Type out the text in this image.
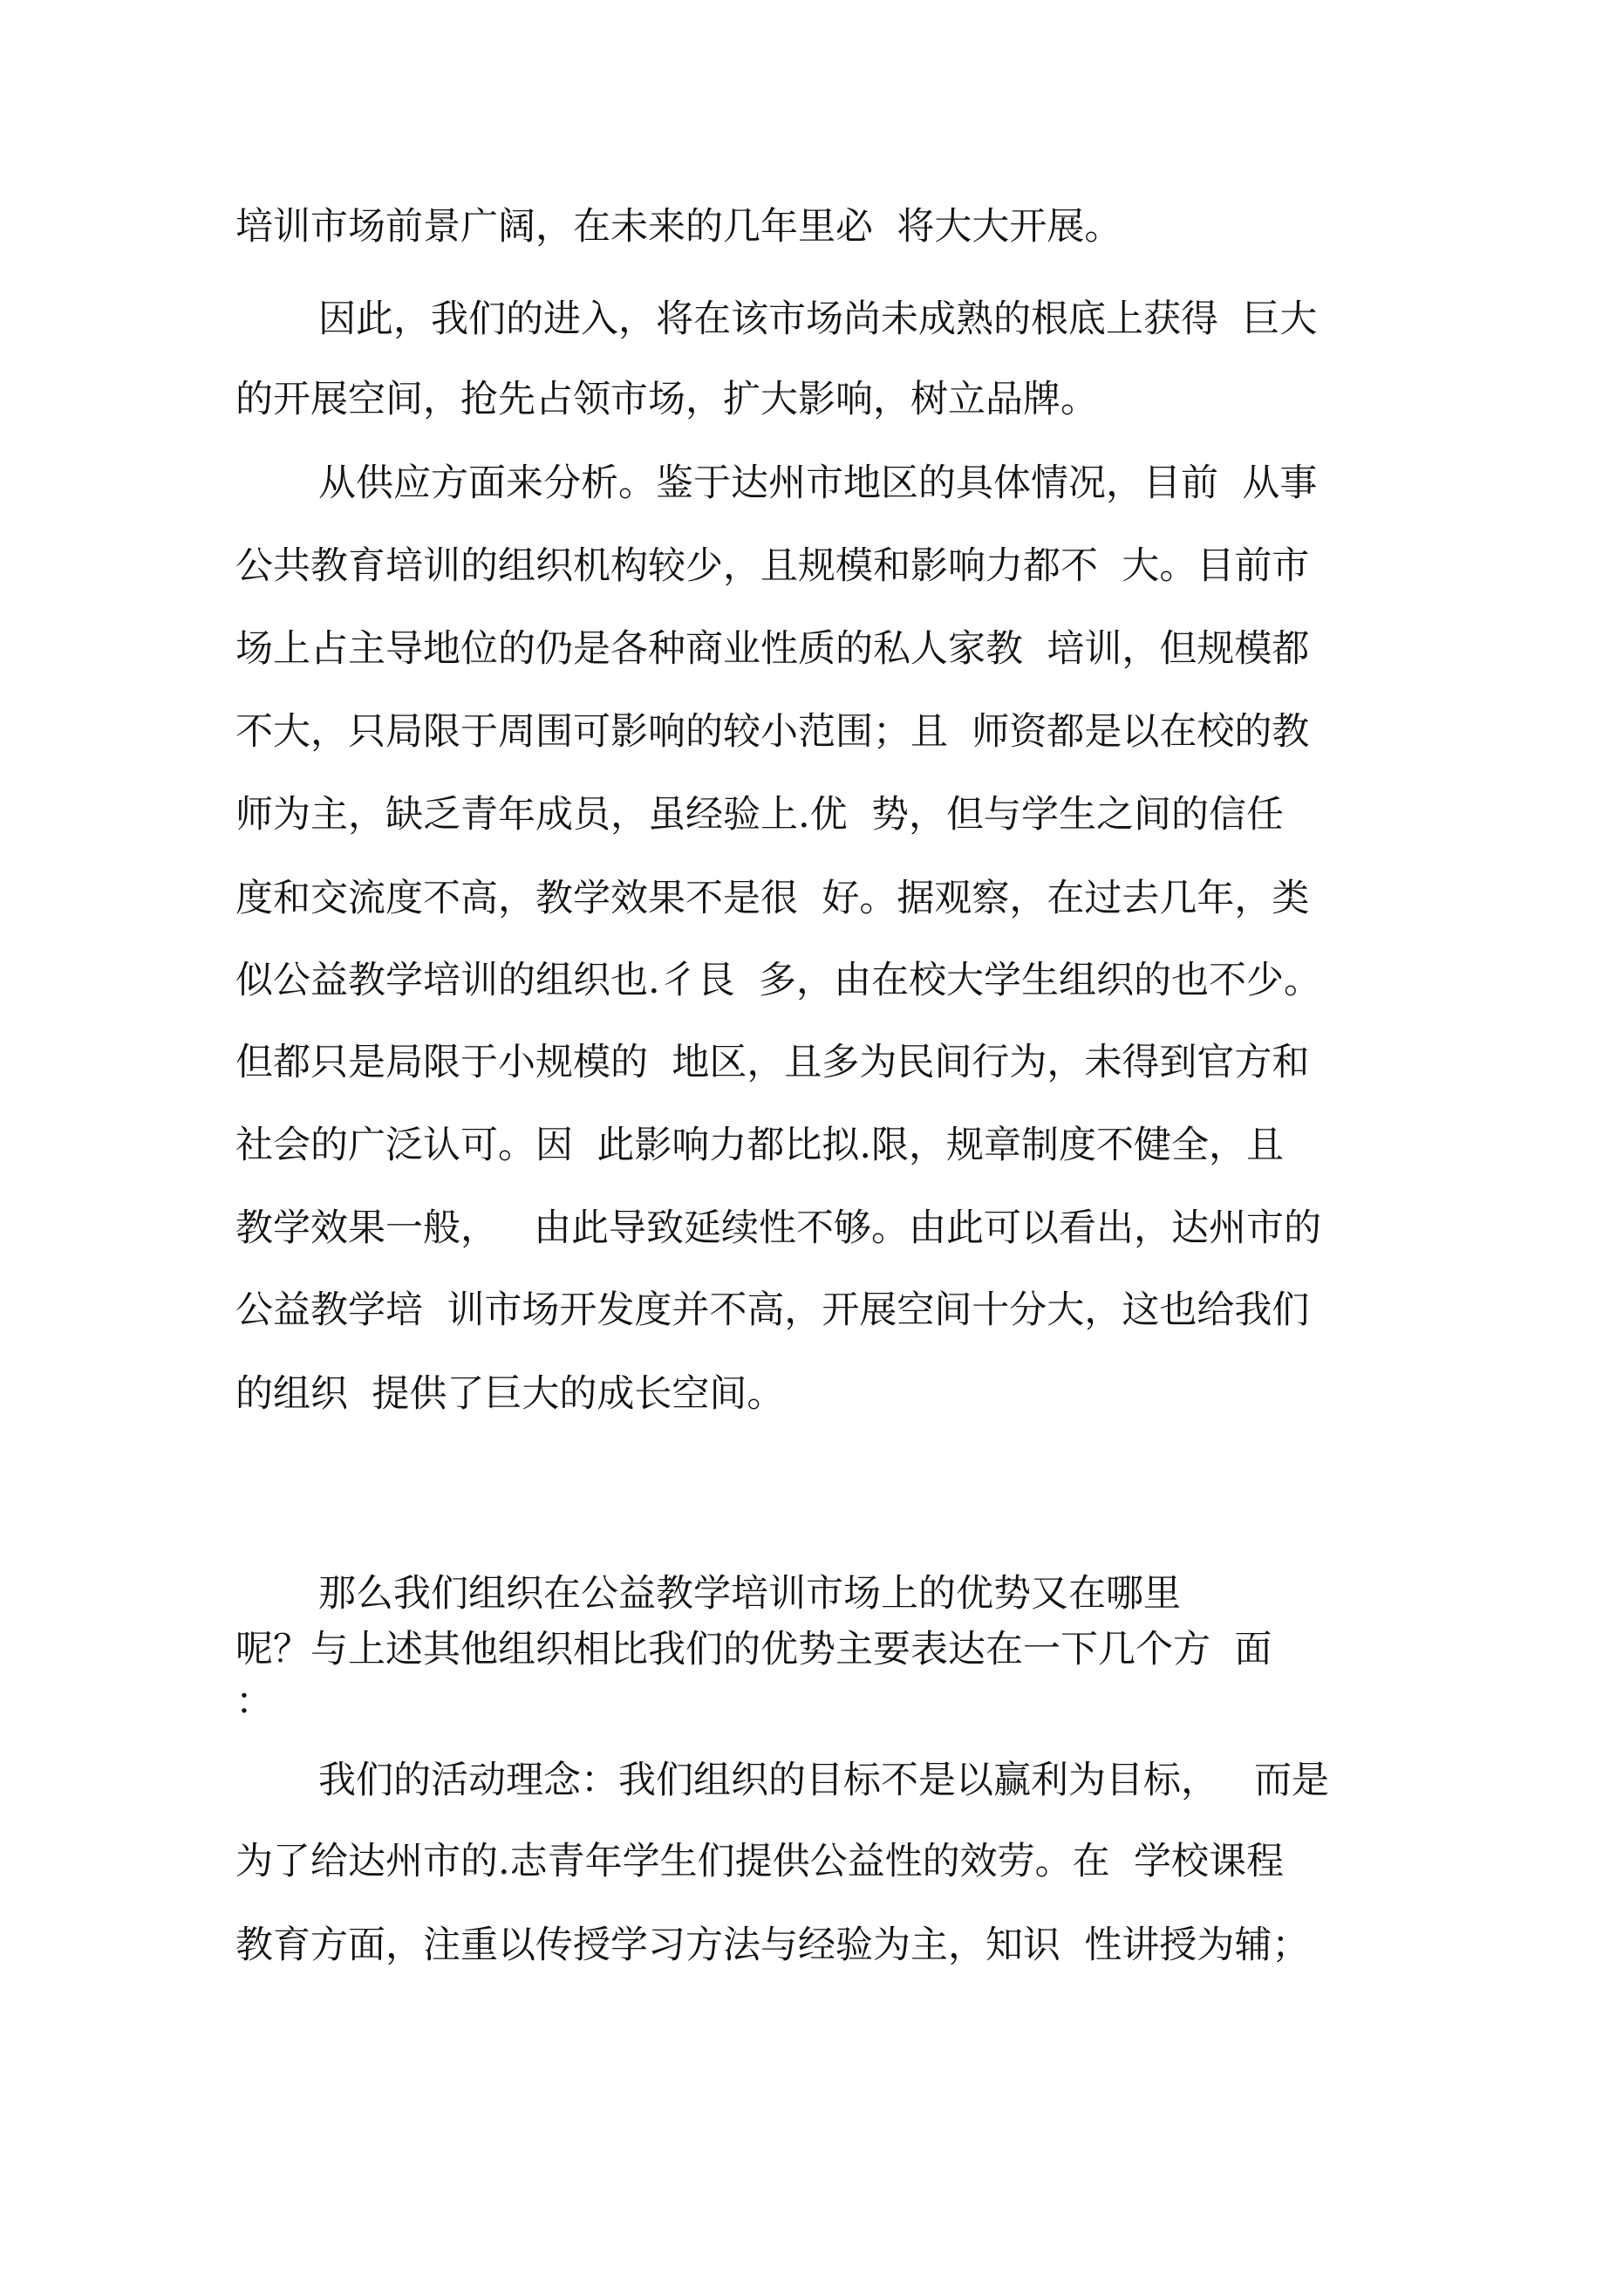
培训市场前景广阔，在未来的几年里必  将大大开展。

因此，我们的进入，将在该市场尚未成熟的根底上获得  巨大

的开展空间，抢先占领市场，扩大影响，树立品牌。

从供应方面来分析。鉴于达州市地区的具体情况，目前  从事

公共教育培训的组织机构较少，且规模和影响力都不  大。目前市

场上占主导地位的仍是各种商业性质的私人家教  培训，但规模都

不大，只局限于周围可影响的较小范围；且  师资都是以在校的教

师为主，缺乏青年成员，虽经验上.优  势，但与学生之间的信任

度和交流度不高，教学效果不是很  好。据观察，在过去几年，类

似公益教学培训的组织也.彳艮  多，由在校大学生组织的也不少。

但都只是局限于小规模的  地区，且多为民间行为，未得到官方和

社会的广泛认可。因  此影响力都比拟.限，规章制度不健全，且

教学效果一般，   由此导致延续性不够。由此可以看出，达州市的

公益教学培  训市场开发度并不高，开展空间十分大，这也给我们

的组织  提供了巨大的成长空间。

那么我们组织在公益教学培训市场上的优势又在哪里

呢？与上述其他组织相比我们的优势主要表达在一下几个方  面

：

我们的活动理念：我们组织的目标不是以赢利为目标，   而是

为了给达州市的.志青年学生们提供公益性的效劳。在  学校课程

教育方面，注重以传授学习方法与经验为主，知识  性讲授为辅；
